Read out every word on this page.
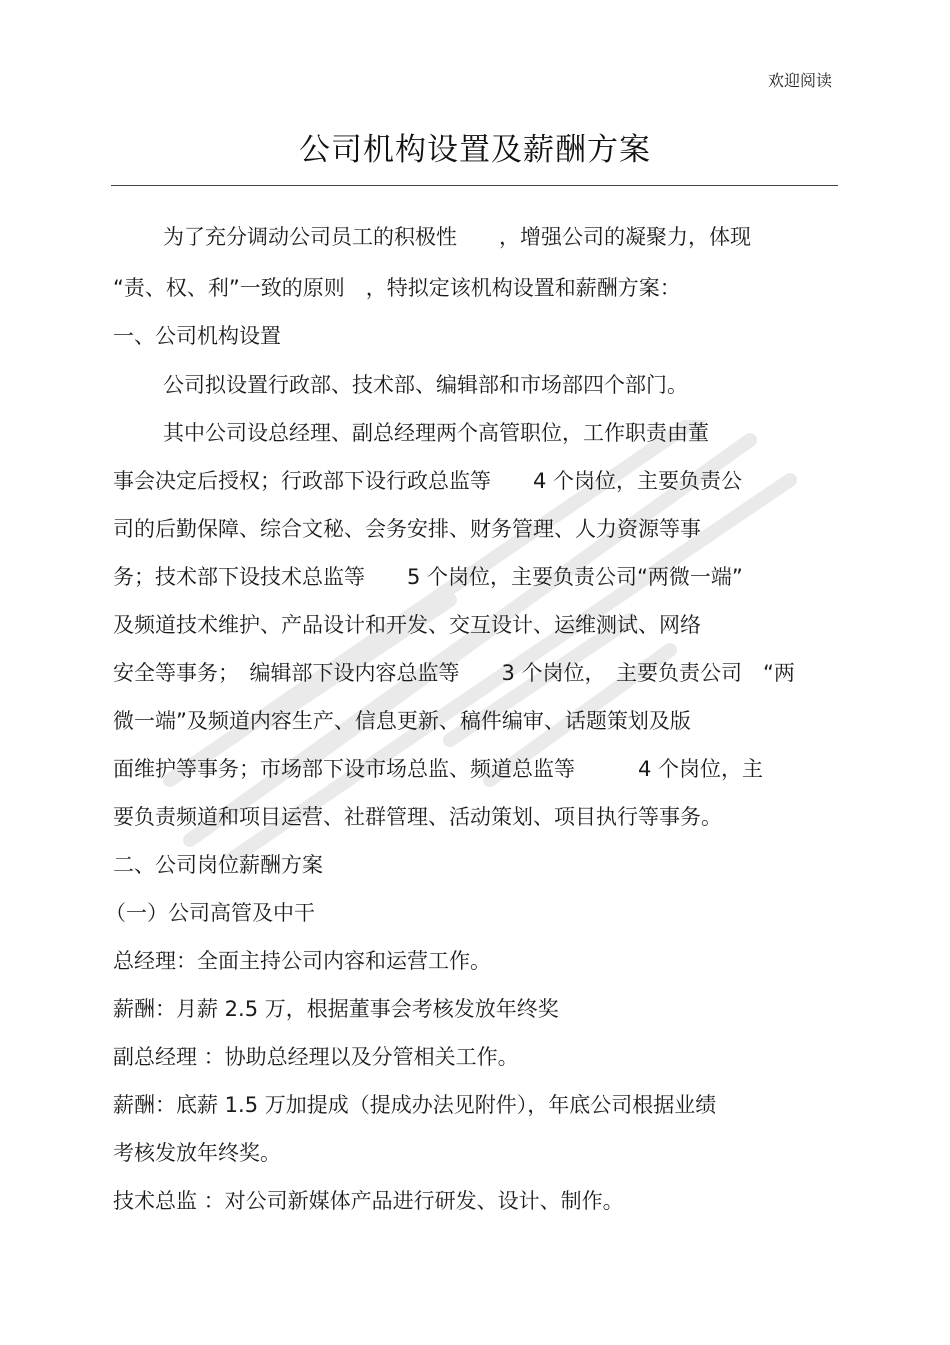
欢迎阅读
公司机构设置及薪酬方案
为了充分调动公司员工的积极性　　，增强公司的凝聚力，体现
“责、权、利”一致的原则　，特拟定该机构设置和薪酬方案：
一、公司机构设置
公司拟设置行政部、技术部、编辑部和市场部四个部门。
其中公司设总经理、副总经理两个高管职位，工作职责由董
事会决定后授权；行政部下设行政总监等　　4 个岗位，主要负责公
司的后勤保障、综合文秘、会务安排、财务管理、人力资源等事
务；技术部下设技术总监等　　5 个岗位，主要负责公司“两微一端”
及频道技术维护、产品设计和开发、交互设计、运维测试、网络
安全等事务；　编辑部下设内容总监等　　3 个岗位，　主要负责公司　“两
微一端”及频道内容生产、信息更新、稿件编审、话题策划及版
面维护等事务；市场部下设市场总监、频道总监等　　　4 个岗位，主
要负责频道和项目运营、社群管理、活动策划、项目执行等事务。
二、公司岗位薪酬方案
（一）公司高管及中干
总经理：全面主持公司内容和运营工作。
薪酬：月薪 2.5 万，根据董事会考核发放年终奖
副总经理 ：协助总经理以及分管相关工作。
薪酬：底薪 1.5 万加提成（提成办法见附件），年底公司根据业绩
考核发放年终奖。
技术总监 ：对公司新媒体产品进行研发、设计、制作。
